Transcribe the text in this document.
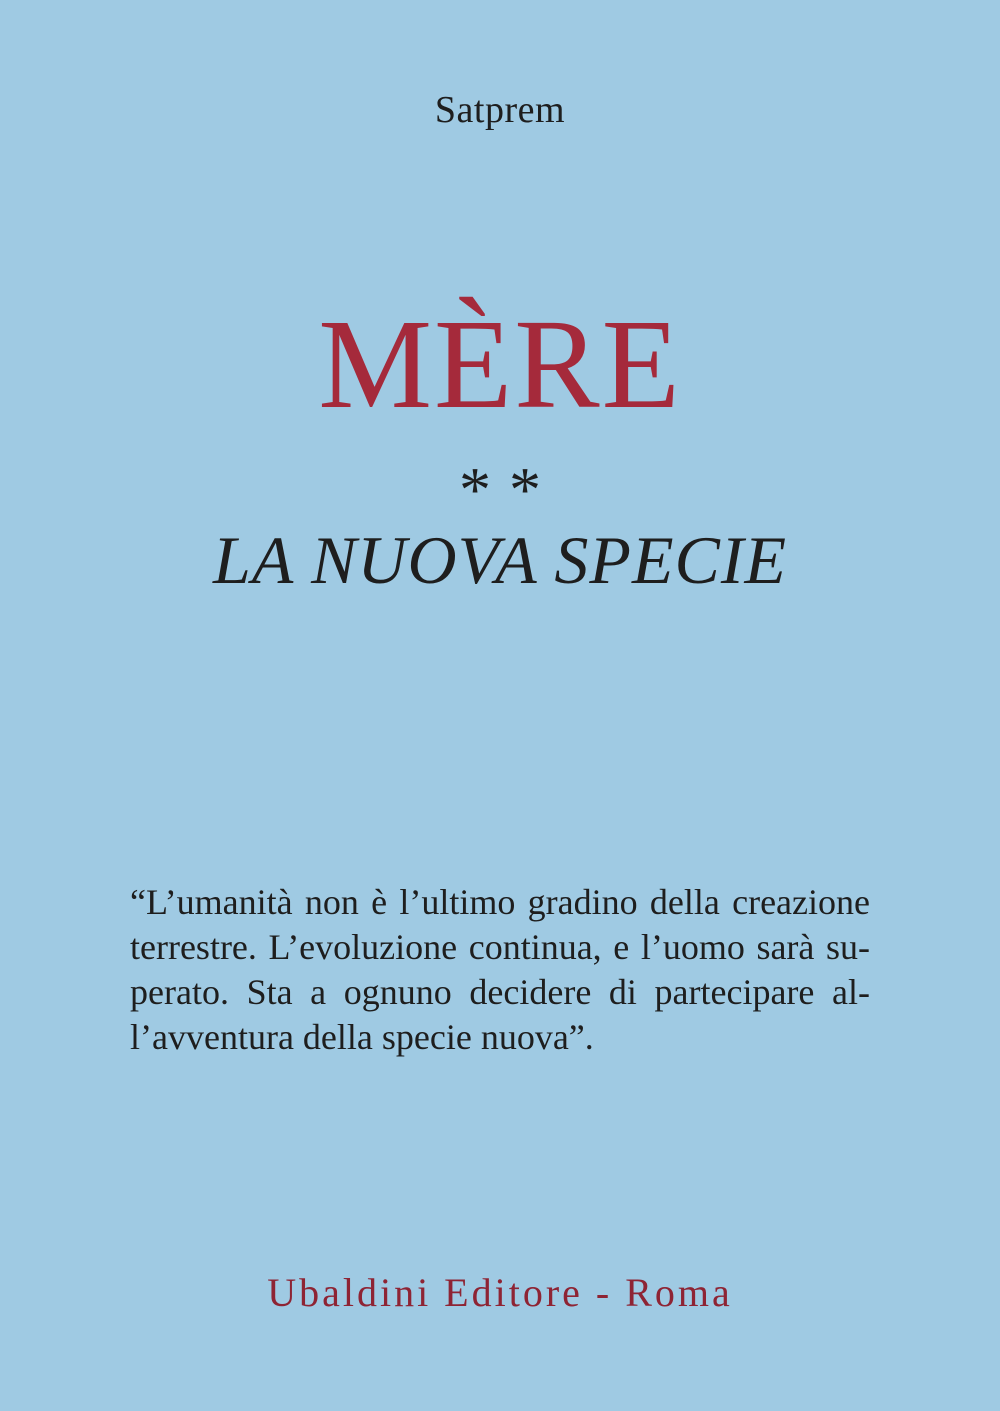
Satprem
MÈRE
**
LA NUOVA SPECIE
“L’umanità non è l’ultimo gradino della creazione
terrestre. L’evoluzione continua, e l’uomo sarà su-
perato. Sta a ognuno decidere di partecipare al-
l’avventura della specie nuova”.
Ubaldini Editore - Roma
